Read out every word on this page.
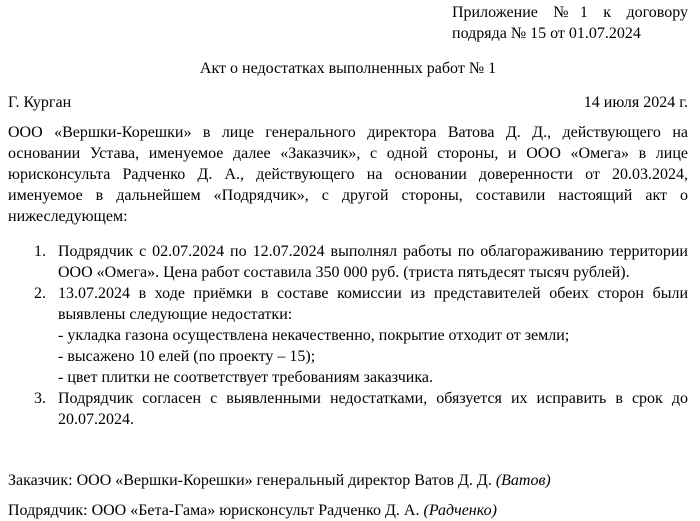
Приложение №1 к договору
подряда № 15 от 01.07.2024
Акт о недостатках выполненных работ № 1
Г. Курган	14 июля 2024 г.
ООО «Вершки-Корешки» в лице генерального директора Ватова Д. Д., действующего на основании Устава, именуемое далее «Заказчик», с одной стороны, и ООО «Омега» в лице юрисконсульта Радченко Д. А., действующего на основании доверенности от 20.03.2024, именуемое в дальнейшем «Подрядчик», с другой стороны, составили настоящий акт о нижеследующем:
1. Подрядчик с 02.07.2024 по 12.07.2024 выполнял работы по облагораживанию территории ООО «Омега». Цена работ составила 350 000 руб. (триста пятьдесят тысяч рублей).
2. 13.07.2024 в ходе приёмки в составе комиссии из представителей обеих сторон были выявлены следующие недостатки:
- укладка газона осуществлена некачественно, покрытие отходит от земли;
- высажено 10 елей (по проекту – 15);
- цвет плитки не соответствует требованиям заказчика.
3. Подрядчик согласен с выявленными недостатками, обязуется их исправить в срок до 20.07.2024.
Заказчик: ООО «Вершки-Корешки» генеральный директор Ватов Д. Д. (Ватов)
Подрядчик: ООО «Бета-Гама» юрисконсульт Радченко Д. А. (Радченко)
